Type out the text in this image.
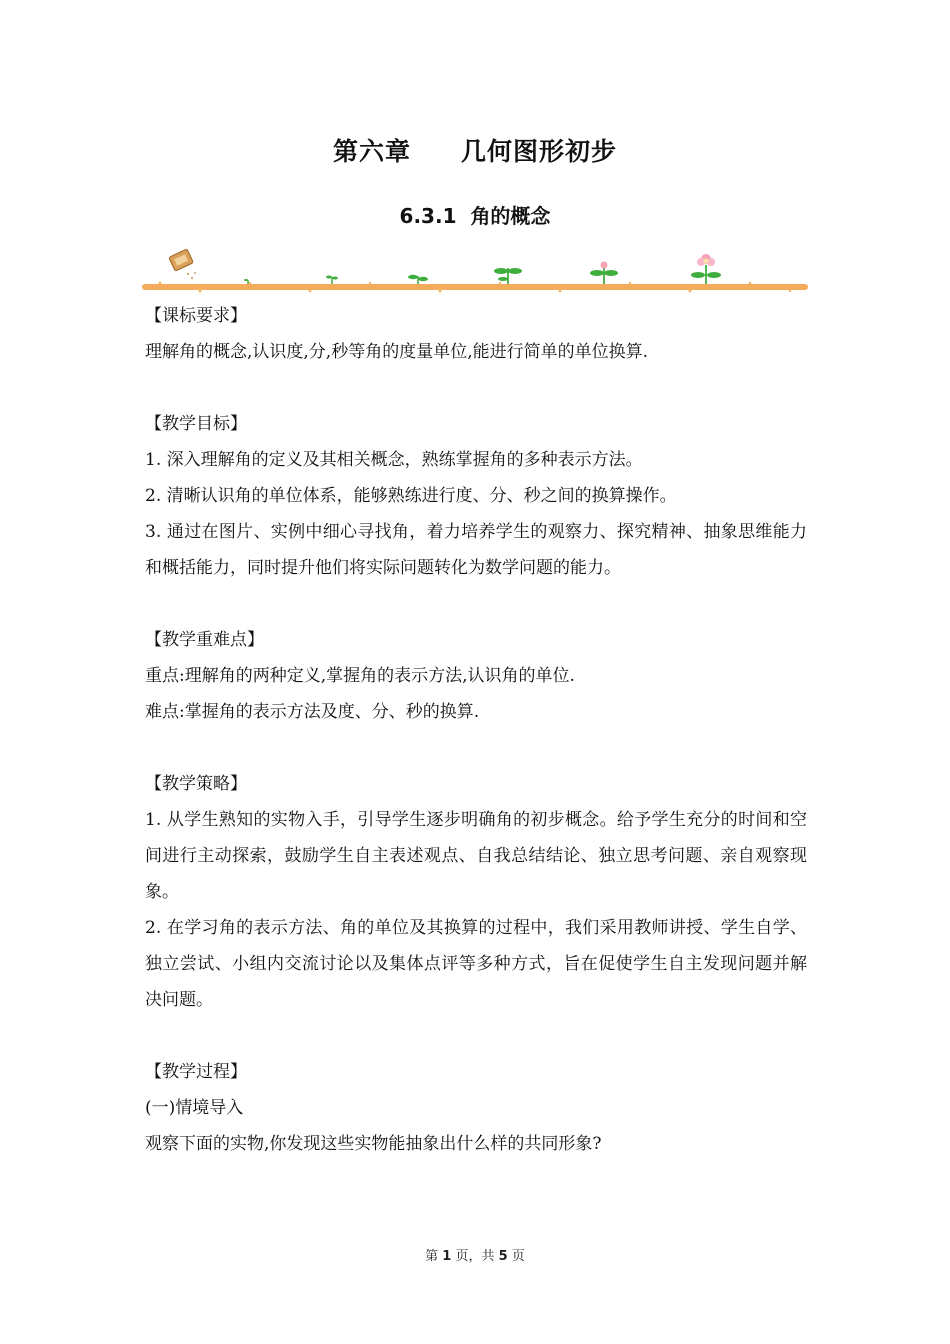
第六章 几何图形初步
6.3.1 角的概念

【课标要求】

理解角的概念,认识度,分,秒等角的度量单位,能进行简单的单位换算.

【教学目标】

1. 深入理解角的定义及其相关概念，熟练掌握角的多种表示方法。

2. 清晰认识角的单位体系，能够熟练进行度、分、秒之间的换算操作。

3. 通过在图片、实例中细心寻找角，着力培养学生的观察力、探究精神、抽象思维能力和概括能力，同时提升他们将实际问题转化为数学问题的能力。

【教学重难点】

重点:理解角的两种定义,掌握角的表示方法,认识角的单位.

难点:掌握角的表示方法及度、分、秒的换算.

【教学策略】

1. 从学生熟知的实物入手，引导学生逐步明确角的初步概念。给予学生充分的时间和空间进行主动探索，鼓励学生自主表述观点、自我总结结论、独立思考问题、亲自观察现象。

2. 在学习角的表示方法、角的单位及其换算的过程中，我们采用教师讲授、学生自学、独立尝试、小组内交流讨论以及集体点评等多种方式，旨在促使学生自主发现问题并解决问题。

【教学过程】

(一)情境导入

观察下面的实物,你发现这些实物能抽象出什么样的共同形象?

第 1 页，共 5 页
